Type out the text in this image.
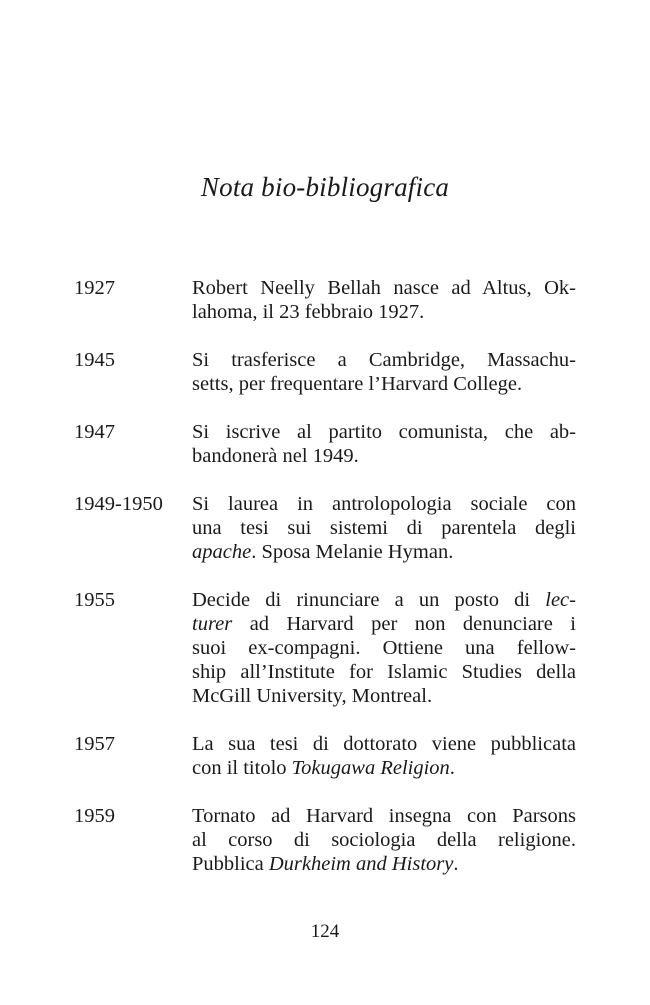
Nota bio-bibliografica
1927	Robert Neelly Bellah nasce ad Altus, Ok-
lahoma, il 23 febbraio 1927.
1945	Si trasferisce a Cambridge, Massachu-
setts, per frequentare l’Harvard College.
1947	Si iscrive al partito comunista, che ab-
bandonerà nel 1949.
1949-1950	Si laurea in antrolopologia sociale con
una tesi sui sistemi di parentela degli
apache. Sposa Melanie Hyman.
1955	Decide di rinunciare a un posto di lec-
turer ad Harvard per non denunciare i
suoi ex-compagni. Ottiene una fellow-
ship all’Institute for Islamic Studies della
McGill University, Montreal.
1957	La sua tesi di dottorato viene pubblicata
con il titolo Tokugawa Religion.
1959	Tornato ad Harvard insegna con Parsons
al corso di sociologia della religione.
Pubblica Durkheim and History.
124
